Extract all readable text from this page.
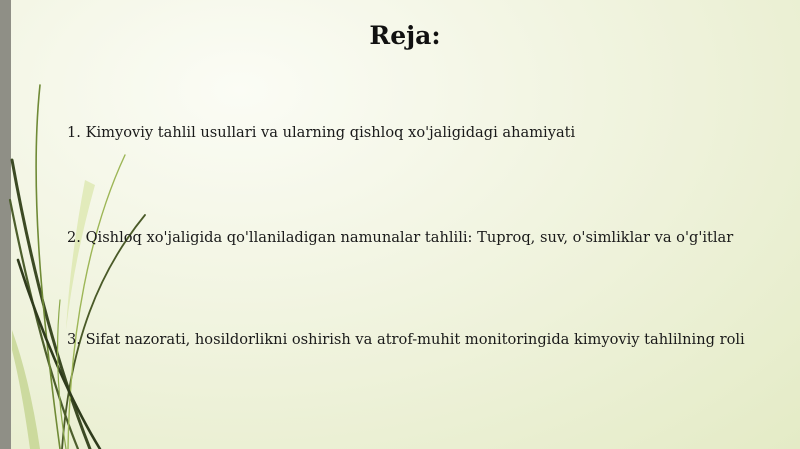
Reja:

1. Kimyoviy tahlil usullari va ularning qishloq xo'jaligidagi ahamiyati

2. Qishloq xo'jaligida qo'llaniladigan namunalar tahlili: Tuproq, suv, o'simliklar va o'g'itlar

3. Sifat nazorati, hosildorlikni oshirish va atrof-muhit monitoringida kimyoviy tahlilning roli
